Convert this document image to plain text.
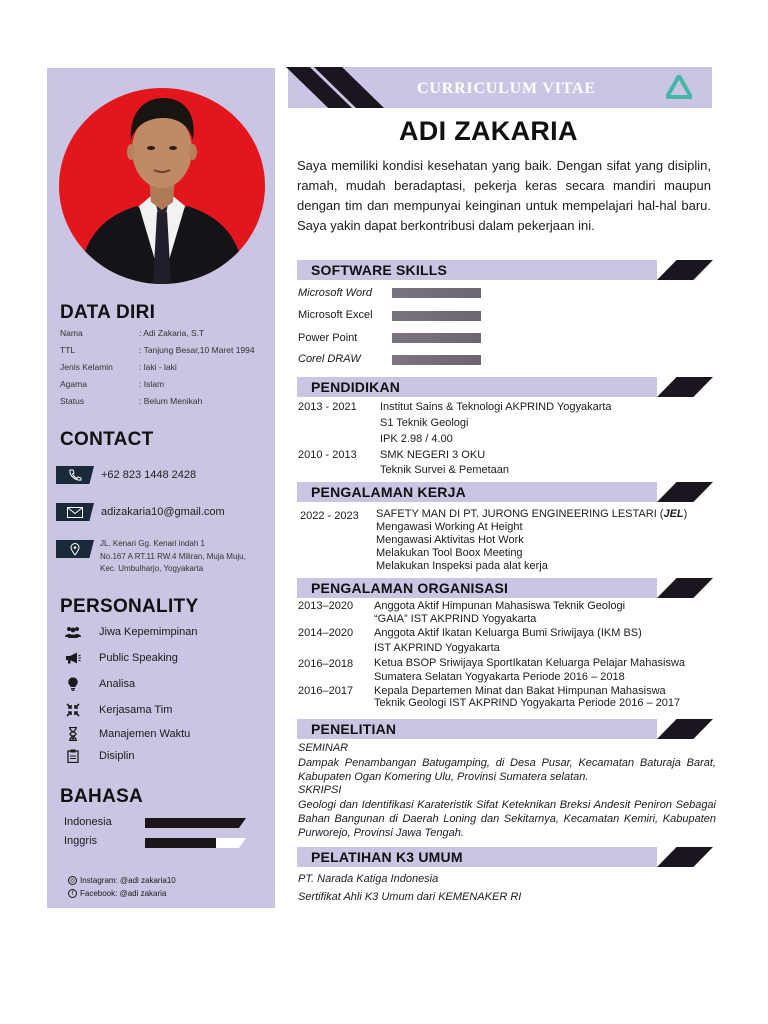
DATA DIRI
Nama	: Adi Zakaria, S.T
TTL	: Tanjung Besar,10 Maret 1994
Jenis Kelamin	: laki - laki
Agama	: Islam
Status	: Belum Menikah
CONTACT
+62 823 1448 2428
adizakaria10@gmail.com
JL. Kenari Gg. Kenari indah 1
No.167 A RT.11 RW.4 Miliran, Muja Muju,
Kec. Umbulharjo, Yogyakarta
PERSONALITY
Jiwa Kepemimpinan
Public Speaking
Analisa
Kerjasama Tim
Manajemen Waktu
Disiplin
BAHASA
Indonesia
Inggris
◎ Instagram: @adi zakaria10
f Facebook: @adi zakaria
CURRICULUM VITAE
ADI ZAKARIA
Saya memiliki kondisi kesehatan yang baik. Dengan sifat yang disiplin, ramah, mudah beradaptasi, pekerja keras secara mandiri maupun dengan tim dan mempunyai keinginan untuk mempelajari hal-hal baru. Saya yakin dapat berkontribusi dalam pekerjaan ini.
SOFTWARE SKILLS
Microsoft Word
Microsoft Excel
Power Point
Corel DRAW
PENDIDIKAN
2013 - 2021 Institut Sains & Teknologi AKPRIND Yogyakarta
S1 Teknik Geologi
IPK 2.98 / 4.00
2010 - 2013 SMK NEGERI 3 OKU
Teknik Survei & Pemetaan
PENGALAMAN KERJA
2022 - 2023 SAFETY MAN DI PT. JURONG ENGINEERING LESTARI (JEL)
Mengawasi Working At Height
Mengawasi Aktivitas Hot Work
Melakukan Tool Boox Meeting
Melakukan Inspeksi pada alat kerja
PENGALAMAN ORGANISASI
2013–2020 Anggota Aktif Himpunan Mahasiswa Teknik Geologi
“GAIA” IST AKPRIND Yogyakarta
2014–2020 Anggota Aktif Ikatan Keluarga Bumi Sriwijaya (IKM BS)
IST AKPRIND Yogyakarta
2016–2018 Ketua BSOP Sriwijaya SportIkatan Keluarga Pelajar Mahasiswa
Sumatera Selatan Yogyakarta Periode 2016 – 2018
2016–2017 Kepala Departemen Minat dan Bakat Himpunan Mahasiswa
Teknik Geologi IST AKPRIND Yogyakarta Periode 2016 – 2017
PENELITIAN
SEMINAR
Dampak Penambangan Batugamping, di Desa Pusar, Kecamatan Baturaja Barat, Kabupaten Ogan Komering Ulu, Provinsi Sumatera selatan.
SKRIPSI
Geologi dan Identifikasi Karateristik Sifat Keteknikan Breksi Andesit Peniron Sebagai Bahan Bangunan di Daerah Loning dan Sekitarnya, Kecamatan Kemiri, Kabupaten Purworejo, Provinsi Jawa Tengah.
PELATIHAN K3 UMUM
PT. Narada Katiga Indonesia
Sertifikat Ahli K3 Umum dari KEMENAKER RI
